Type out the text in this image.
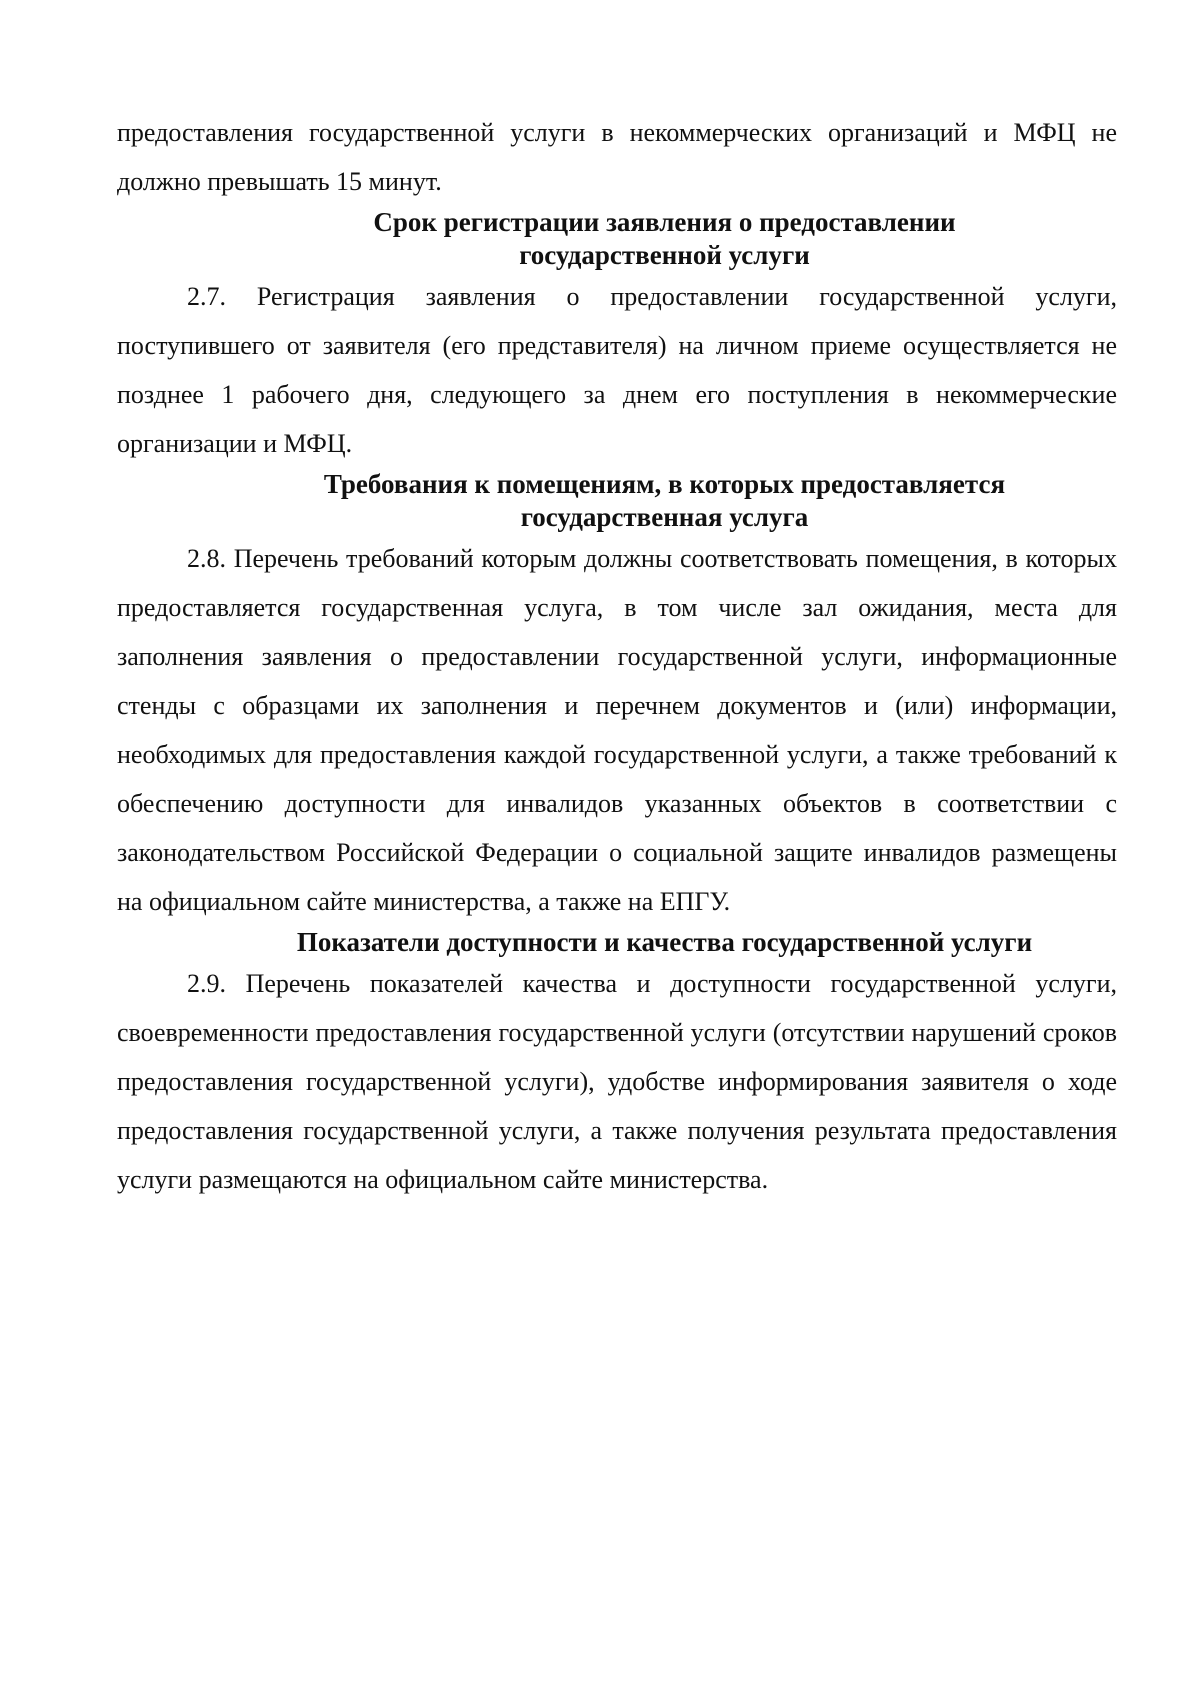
предоставления государственной услуги в некоммерческих организаций и МФЦ не должно превышать 15 минут.

Срок регистрации заявления о предоставлении
государственной услуги

2.7. Регистрация заявления о предоставлении государственной услуги, поступившего от заявителя (его представителя) на личном приеме осуществляется не позднее 1 рабочего дня, следующего за днем его поступления в некоммерческие организации и МФЦ.

Требования к помещениям, в которых предоставляется
государственная услуга

2.8. Перечень требований которым должны соответствовать помещения, в которых предоставляется государственная услуга, в том числе зал ожидания, места для заполнения заявления о предоставлении государственной услуги, информационные стенды с образцами их заполнения и перечнем документов и (или) информации, необходимых для предоставления каждой государственной услуги, а также требований к обеспечению доступности для инвалидов указанных объектов в соответствии с законодательством Российской Федерации о социальной защите инвалидов размещены на официальном сайте министерства, а также на ЕПГУ.

Показатели доступности и качества государственной услуги

2.9. Перечень показателей качества и доступности государственной услуги, своевременности предоставления государственной услуги (отсутствии нарушений сроков предоставления государственной услуги), удобстве информирования заявителя о ходе предоставления государственной услуги, а также получения результата предоставления услуги размещаются на официальном сайте министерства.
